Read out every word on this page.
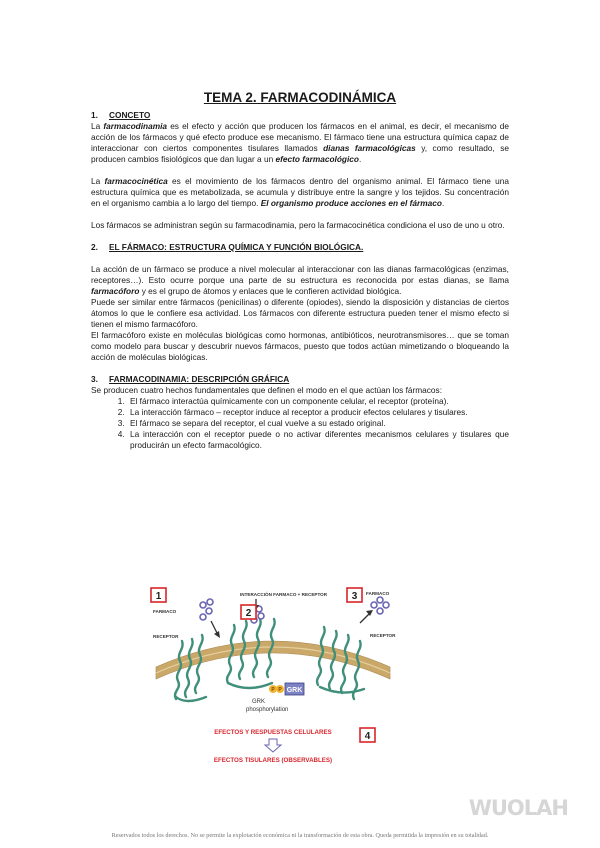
TEMA 2. FARMACODINÁMICA
1. CONCETO

La farmacodinamia es el efecto y acción que producen los fármacos en el animal, es decir, el mecanismo de acción de los fármacos y qué efecto produce ese mecanismo. El fármaco tiene una estructura química capaz de interaccionar con ciertos componentes tisulares llamados dianas farmacológicas y, como resultado, se producen cambios fisiológicos que dan lugar a un efecto farmacológico.

La farmacocinética es el movimiento de los fármacos dentro del organismo animal. El fármaco tiene una estructura química que es metabolizada, se acumula y distribuye entre la sangre y los tejidos. Su concentración en el organismo cambia a lo largo del tiempo. El organismo produce acciones en el fármaco.

Los fármacos se administran según su farmacodinamia, pero la farmacocinética condiciona el uso de uno u otro.

2. EL FÁRMACO: ESTRUCTURA QUÍMICA Y FUNCIÓN BIOLÓGICA.

La acción de un fármaco se produce a nivel molecular al interaccionar con las dianas farmacológicas (enzimas, receptores…). Esto ocurre porque una parte de su estructura es reconocida por estas dianas, se llama farmacóforo y es el grupo de átomos y enlaces que le confieren actividad biológica.

Puede ser similar entre fármacos (penicilinas) o diferente (opiodes), siendo la disposición y distancias de ciertos átomos lo que le confiere esa actividad. Los fármacos con diferente estructura pueden tener el mismo efecto si tienen el mismo farmacóforo.

El farmacóforo existe en moléculas biológicas como hormonas, antibióticos, neurotransmisores… que se toman como modelo para buscar y descubrir nuevos fármacos, puesto que todos actúan mimetizando o bloqueando la acción de moléculas biológicas.

3. FARMACODINAMIA: DESCRIPCIÓN GRÁFICA

Se producen cuatro hechos fundamentales que definen el modo en el que actúan los fármacos:

1. El fármaco interactúa químicamente con un componente celular, el receptor (proteína).
2. La interacción fármaco – receptor induce al receptor a producir efectos celulares y tisulares.
3. El fármaco se separa del receptor, el cual vuelve a su estado original.
4. La interacción con el receptor puede o no activar diferentes mecanismos celulares y tisulares que producirán un efecto farmacológico.
1
2
3
4
FARMACO
INTERACCIÓN FARMACO + RECEPTOR	FARMACO
RECEPTOR	RECEPTOR
P P GRK
GRK
phosphorylation
EFECTOS Y RESPUESTAS CELULARES
EFECTOS TISULARES (OBSERVABLES)
WUOLAH
Reservados todos los derechos. No se permite la explotación económica ni la transformación de esta obra. Queda permitida la impresión en su totalidad.
